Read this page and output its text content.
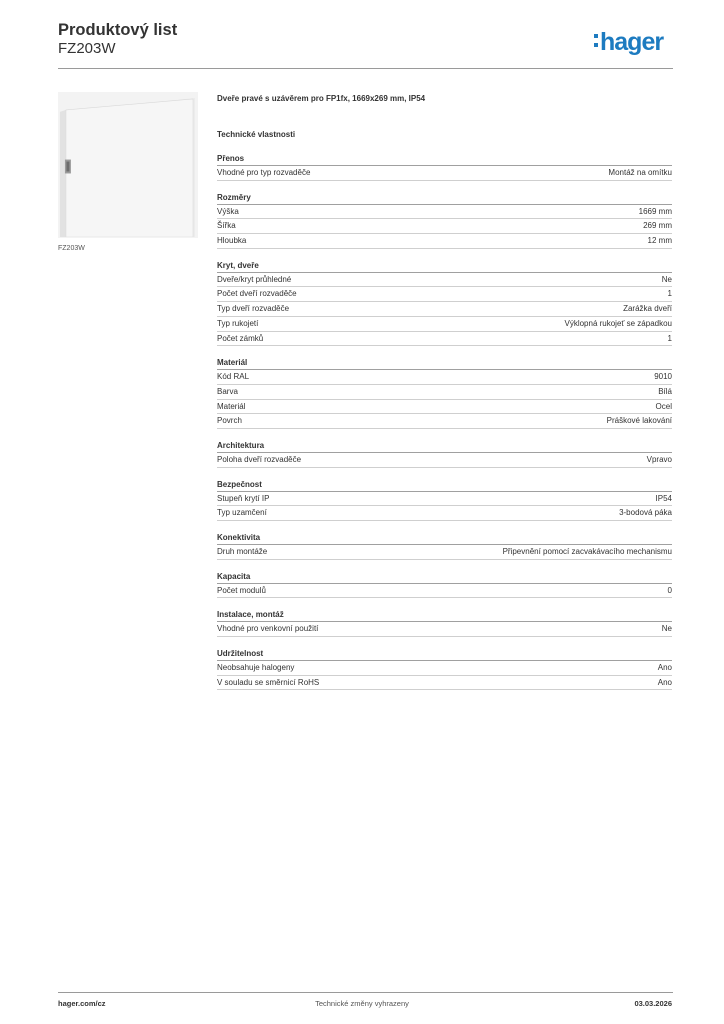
Produktový list
FZ203W	hager
FZ203W
Dveře pravé s uzávěrem pro FP1fx, 1669x269 mm, IP54
Technické vlastnosti
Přenos
Vhodné pro typ rozvaděče	Montáž na omítku
Rozměry
Výška	1669 mm
Šířka	269 mm
Hloubka	12 mm
Kryt, dveře
Dveře/kryt průhledné	Ne
Počet dveří rozvaděče	1
Typ dveří rozvaděče	Zarážka dveří
Typ rukojetí	Výklopná rukojeť se západkou
Počet zámků	1
Materiál
Kód RAL	9010
Barva	Bílá
Materiál	Ocel
Povrch	Práškové lakování
Architektura
Poloha dveří rozvaděče	Vpravo
Bezpečnost
Stupeň krytí IP	IP54
Typ uzamčení	3-bodová páka
Konektivita
Druh montáže	Připevnění pomocí zacvakávacího mechanismu
Kapacita
Počet modulů	0
Instalace, montáž
Vhodné pro venkovní použití	Ne
Udržitelnost
Neobsahuje halogeny	Ano
V souladu se směrnicí RoHS	Ano
hager.com/cz	Technické změny vyhrazeny	03.03.2026
